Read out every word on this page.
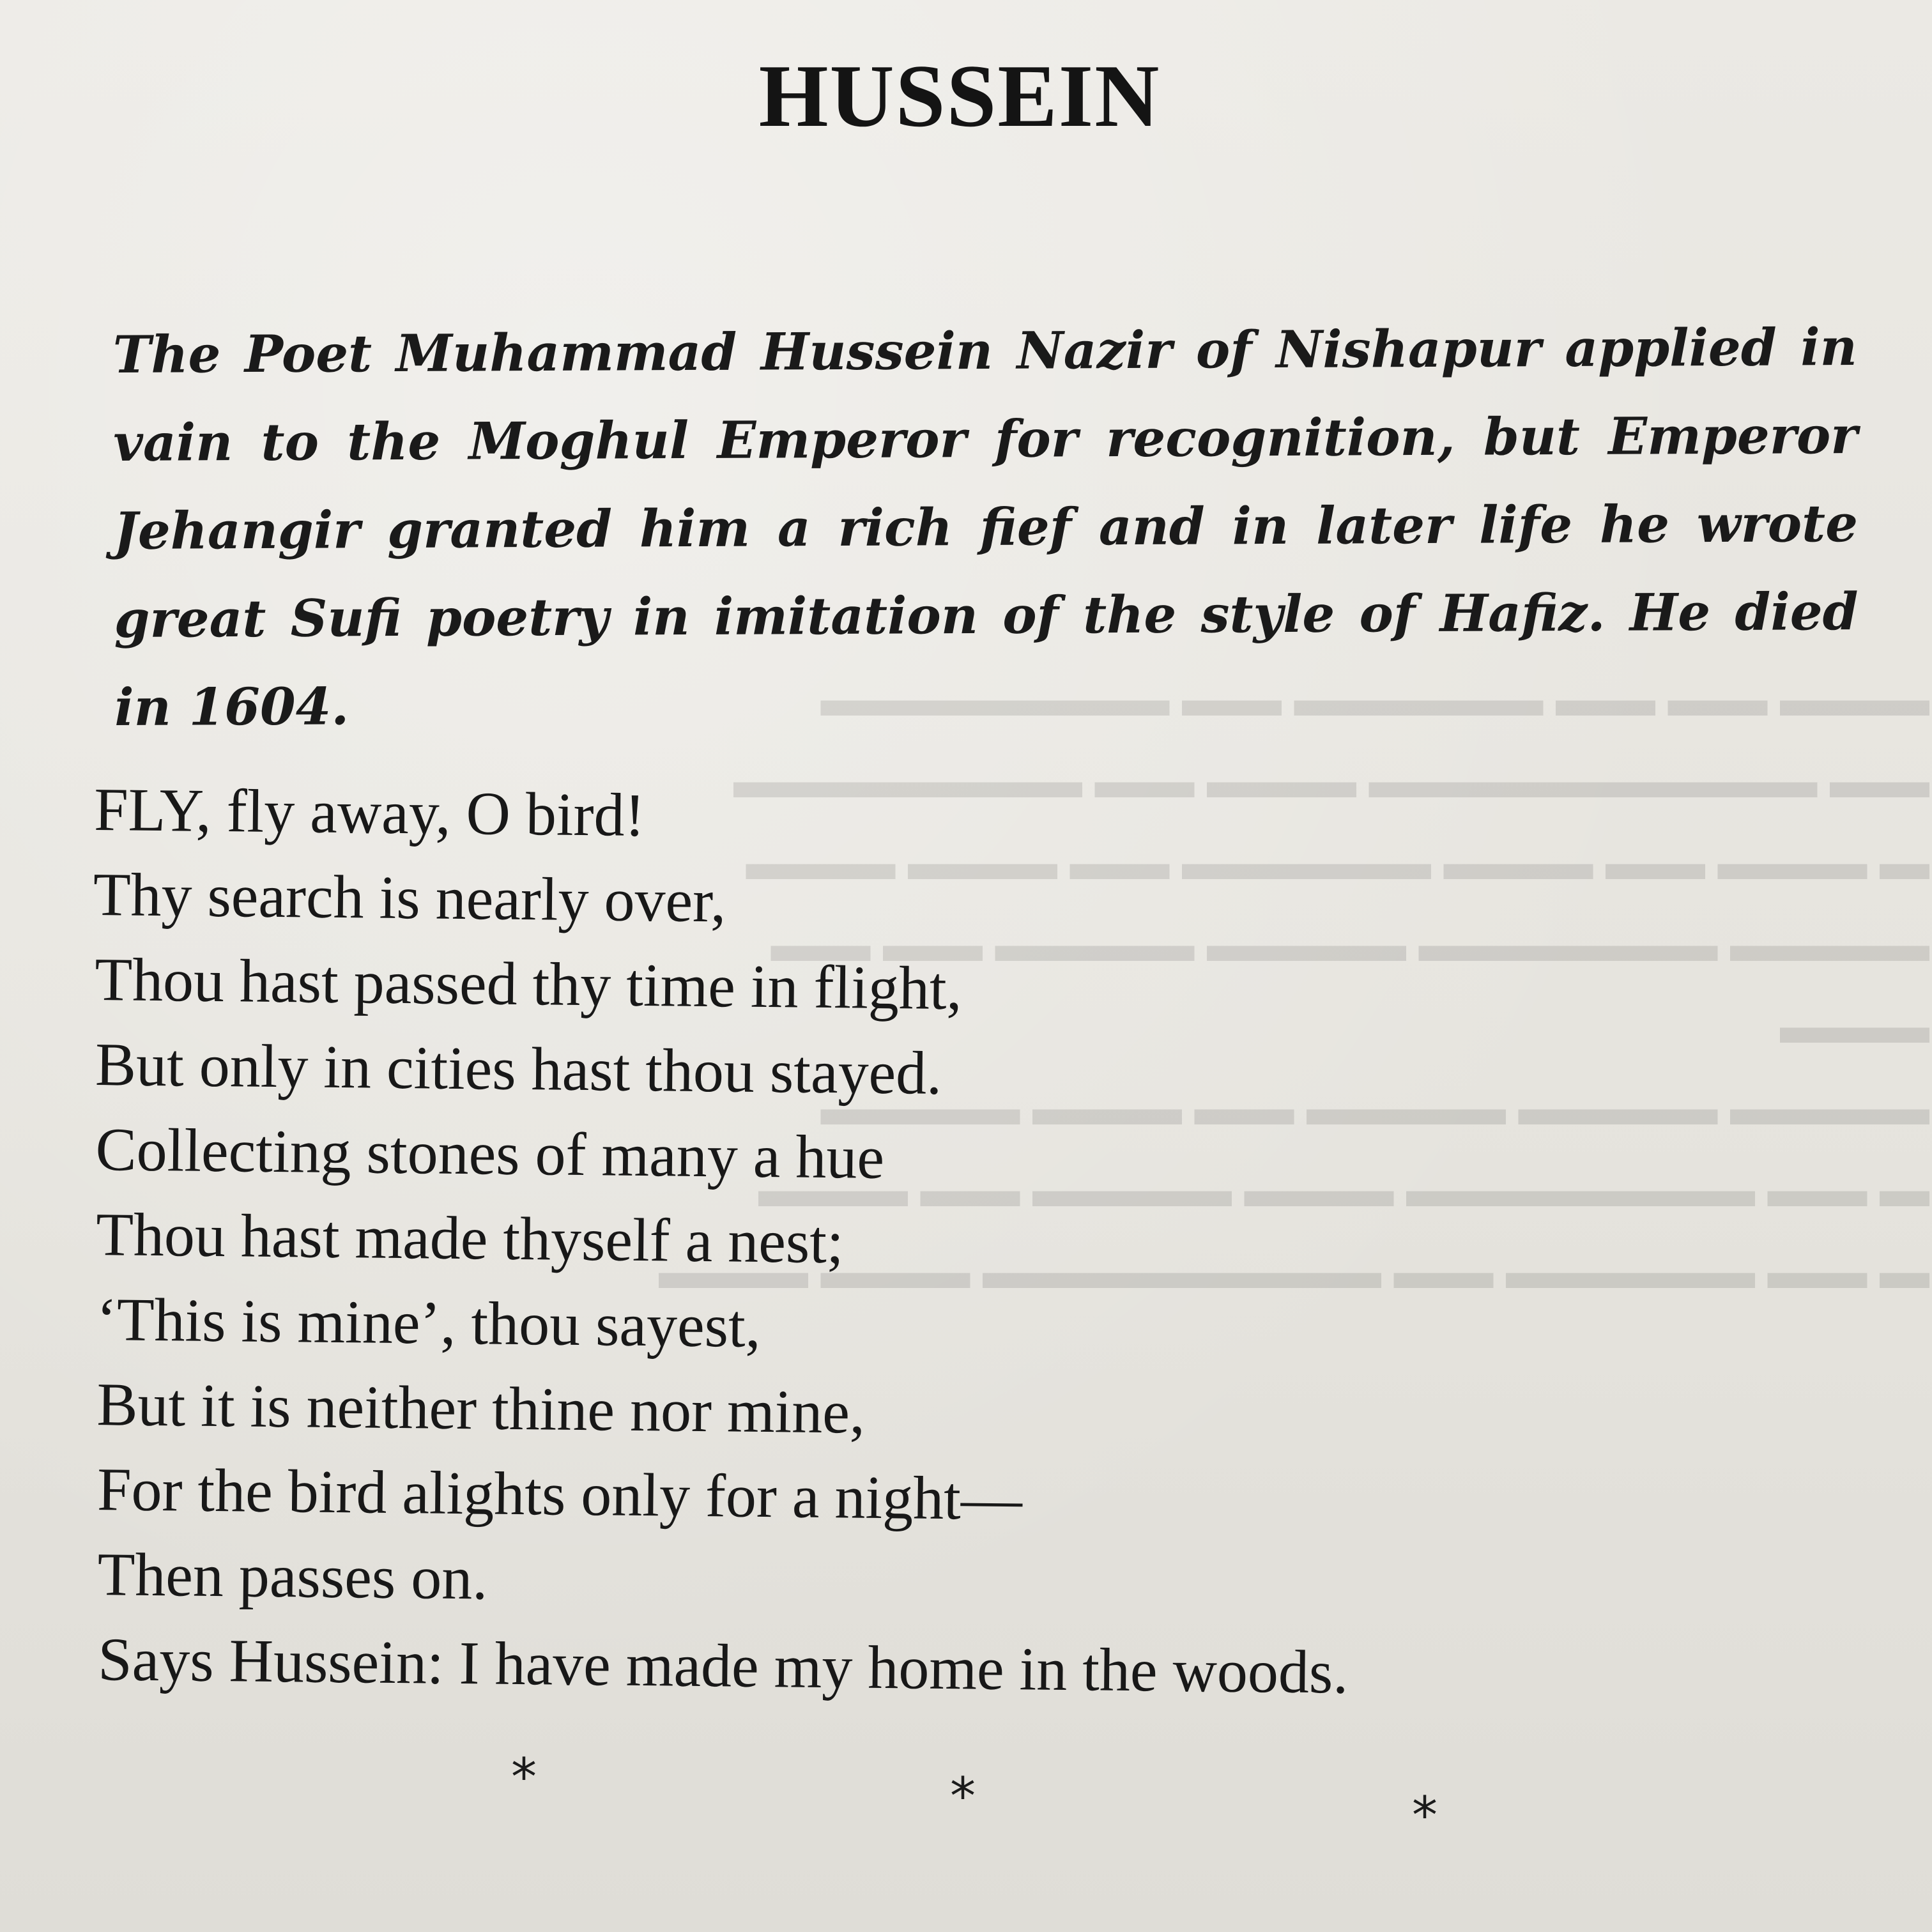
▬▬▬ ▬▬ ▬▬ ▬▬▬▬▬ ▬▬ ▬▬▬▬▬▬▬
▬▬ ▬▬▬▬▬▬▬▬▬ ▬▬▬ ▬▬ ▬▬▬▬▬▬▬
▬ ▬▬▬ ▬▬ ▬▬▬ ▬▬▬▬▬ ▬▬ ▬▬▬ ▬▬▬
▬▬▬▬ ▬▬▬▬▬▬ ▬▬▬▬ ▬▬▬▬ ▬▬ ▬▬
▬▬▬
▬▬▬▬ ▬▬▬▬ ▬▬▬▬ ▬▬ ▬▬▬ ▬▬▬▬
▬ ▬▬ ▬▬▬▬▬▬▬ ▬▬▬ ▬▬▬▬ ▬▬ ▬▬▬
▬ ▬▬ ▬▬▬▬▬ ▬▬ ▬▬▬▬▬▬▬▬ ▬▬▬ ▬▬▬
HUSSEIN

The Poet Muhammad Hussein Nazir of Nishapur applied in vain to the Moghul Emperor for recognition, but Emperor Jehangir granted him a rich fief and in later life he wrote great Sufi poetry in imitation of the style of Hafiz. He died in 1604.

FLY, fly away, O bird!
Thy search is nearly over,
Thou hast passed thy time in flight,
But only in cities hast thou stayed.
Collecting stones of many a hue
Thou hast made thyself a nest;
‘This is mine’, thou sayest,
But it is neither thine nor mine,
For the bird alights only for a night—
Then passes on.
Says Hussein: I have made my home in the woods.
*	*	*
